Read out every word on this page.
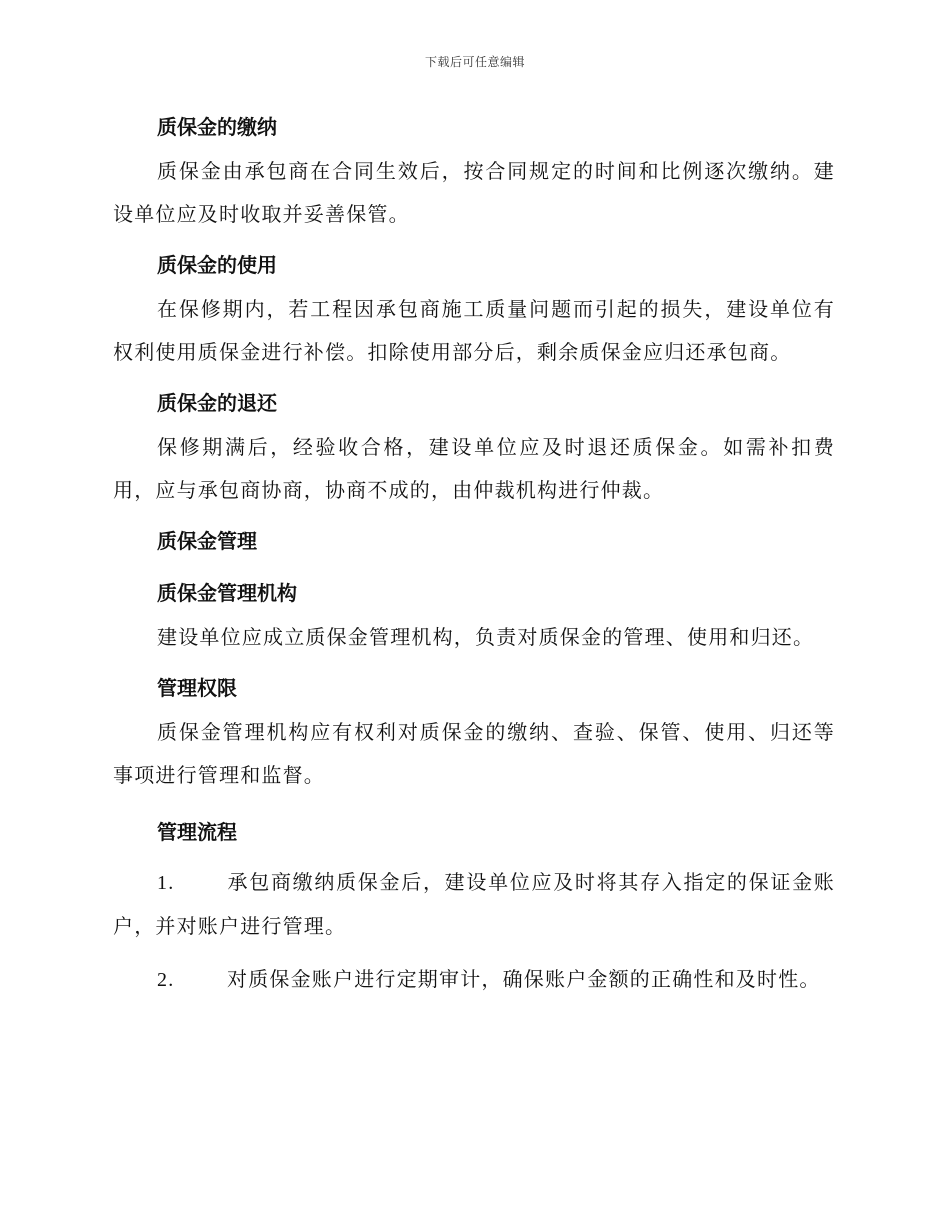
下载后可任意编辑
质保金的缴纳

质保金由承包商在合同生效后，按合同规定的时间和比例逐次缴纳。建设单位应及时收取并妥善保管。

质保金的使用

在保修期内，若工程因承包商施工质量问题而引起的损失，建设单位有权利使用质保金进行补偿。扣除使用部分后，剩余质保金应归还承包商。

质保金的退还

保修期满后，经验收合格，建设单位应及时退还质保金。如需补扣费用，应与承包商协商，协商不成的，由仲裁机构进行仲裁。

质保金管理
质保金管理机构

建设单位应成立质保金管理机构，负责对质保金的管理、使用和归还。

管理权限

质保金管理机构应有权利对质保金的缴纳、查验、保管、使用、归还等事项进行管理和监督。

管理流程

1.	承包商缴纳质保金后，建设单位应及时将其存入指定的保证金账户，并对账户进行管理。

2.	对质保金账户进行定期审计，确保账户金额的正确性和及时性。
